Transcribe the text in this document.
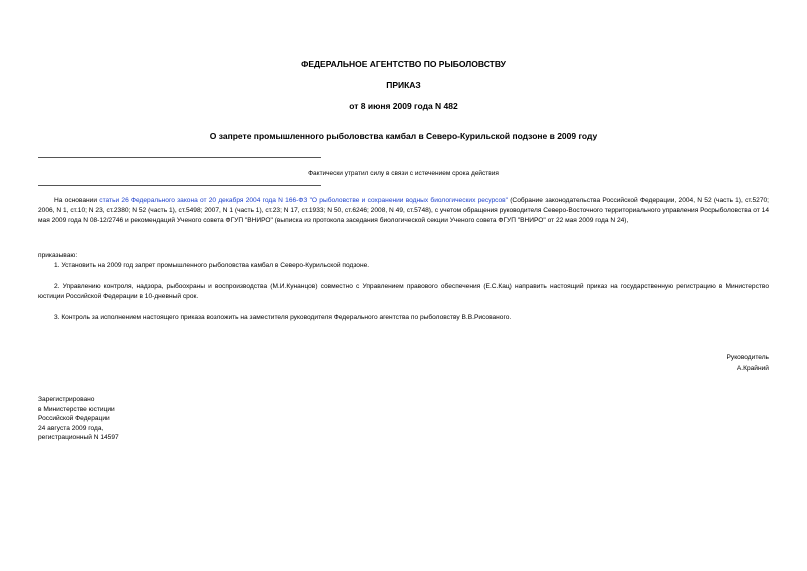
ФЕДЕРАЛЬНОЕ АГЕНТСТВО ПО РЫБОЛОВСТВУ
ПРИКАЗ
от 8 июня 2009 года N 482
О запрете промышленного рыболовства камбал в Северо-Курильской подзоне в 2009 году
Фактически утратил силу в связи с истечением срока действия

На основании статьи 26 Федерального закона от 20 декабря 2004 года N 166-ФЗ "О рыболовстве и сохранении водных биологических ресурсов" (Собрание законодательства Российской Федерации, 2004, N 52 (часть 1), ст.5270; 2006, N 1, ст.10; N 23, ст.2380; N 52 (часть 1), ст.5498; 2007, N 1 (часть 1), ст.23; N 17, ст.1933; N 50, ст.6246; 2008, N 49, ст.5748), с учетом обращения руководителя Северо-Восточного территориального управления Росрыболовства от 14 мая 2009 года N 08-12/2746 и рекомендаций Ученого совета ФГУП "ВНИРО" (выписка из протокола заседания биологической секции Ученого совета ФГУП "ВНИРО" от 22 мая 2009 года N 24),

приказываю:

1. Установить на 2009 год запрет промышленного рыболовства камбал в Северо-Курильской подзоне.

2. Управлению контроля, надзора, рыбоохраны и воспроизводства (М.И.Кунанцов) совместно с Управлением правового обеспечения (Е.С.Кац) направить настоящий приказ на государственную регистрацию в Министерство юстиции Российской Федерации в 10-дневный срок.

3. Контроль за исполнением настоящего приказа возложить на заместителя руководителя Федерального агентства по рыболовству В.В.Рисованого.

Руководитель
А.Крайний
Зарегистрировано
в Министерстве юстиции
Российской Федерации
24 августа 2009 года,
регистрационный N 14597
